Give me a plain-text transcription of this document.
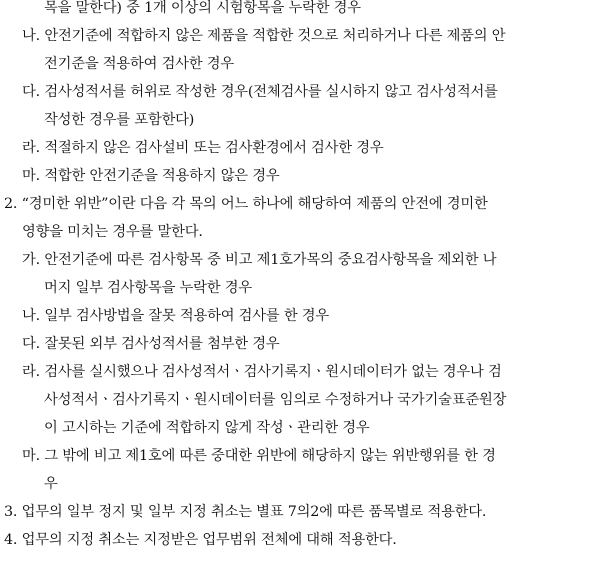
목을 말한다) 중 1개 이상의 시험항목을 누락한 경우
나. 안전기준에 적합하지 않은 제품을 적합한 것으로 처리하거나 다른 제품의 안
전기준을 적용하여 검사한 경우
다. 검사성적서를 허위로 작성한 경우(전체검사를 실시하지 않고 검사성적서를
작성한 경우를 포함한다)
라. 적절하지 않은 검사설비 또는 검사환경에서 검사한 경우
마. 적합한 안전기준을 적용하지 않은 경우
2. “경미한 위반”이란 다음 각 목의 어느 하나에 해당하여 제품의 안전에 경미한
영향을 미치는 경우를 말한다.
가. 안전기준에 따른 검사항목 중 비고 제1호가목의 중요검사항목을 제외한 나
머지 일부 검사항목을 누락한 경우
나. 일부 검사방법을 잘못 적용하여 검사를 한 경우
다. 잘못된 외부 검사성적서를 첨부한 경우
라. 검사를 실시했으나 검사성적서ㆍ검사기록지ㆍ원시데이터가 없는 경우나 검
사성적서ㆍ검사기록지ㆍ원시데이터를 임의로 수정하거나 국가기술표준원장
이 고시하는 기준에 적합하지 않게 작성ㆍ관리한 경우
마. 그 밖에 비고 제1호에 따른 중대한 위반에 해당하지 않는 위반행위를 한 경
우
3. 업무의 일부 정지 및 일부 지정 취소는 별표 7의2에 따른 품목별로 적용한다.
4. 업무의 지정 취소는 지정받은 업무범위 전체에 대해 적용한다.
